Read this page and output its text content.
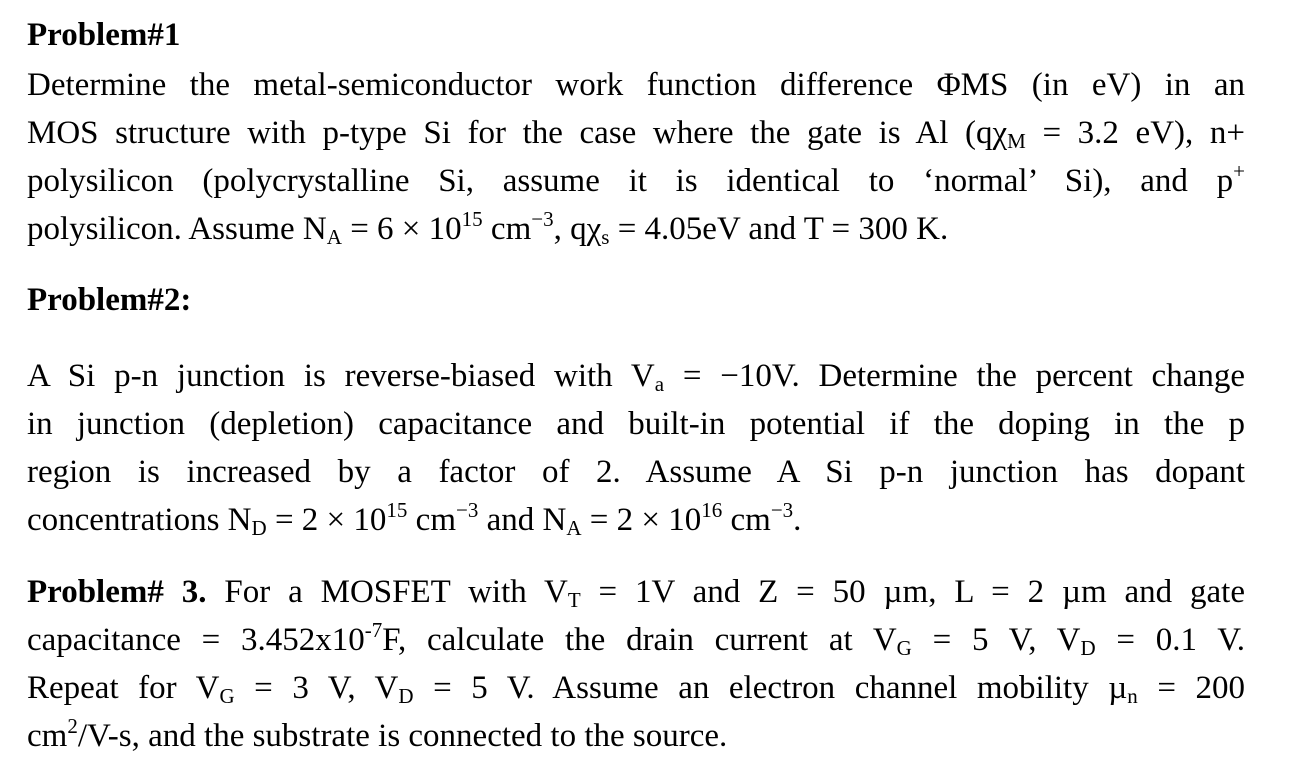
Problem#1
Determine the metal-semiconductor work function difference ΦMS (in eV) in an
MOS structure with p-type Si for the case where the gate is Al ($q\chi_M = 3.2$ eV), n+
polysilicon (polycrystalline Si, assume it is identical to ‘normal’ Si), and p+
polysilicon. Assume $N_A = 6 \times 10^{15}$ $cm^{-3}$, $q\chi_s = 4.05eV$ and T = 300 K.
Problem#2:
A Si p-n junction is reverse-biased with $V_a = -10V$. Determine the percent change
in junction (depletion) capacitance and built-in potential if the doping in the p
region is increased by a factor of 2. Assume A Si p-n junction has dopant
concentrations $N_D = 2 \times 10^{15}$ $cm^{-3}$ and $N_A = 2 \times 10^{16}$ $cm^{-3}$.
Problem# 3. For a MOSFET with $V_T = 1V$ and Z = 50 µm, L = 2 µm and gate
capacitance = $3.452x10^{-7}F$, calculate the drain current at $V_G = 5$ V, $V_D = 0.1$ V.
Repeat for $V_G = 3$ V, $V_D = 5$ V. Assume an electron channel mobility µ$_n$ = 200
$cm^2/V-s$, and the substrate is connected to the source.
